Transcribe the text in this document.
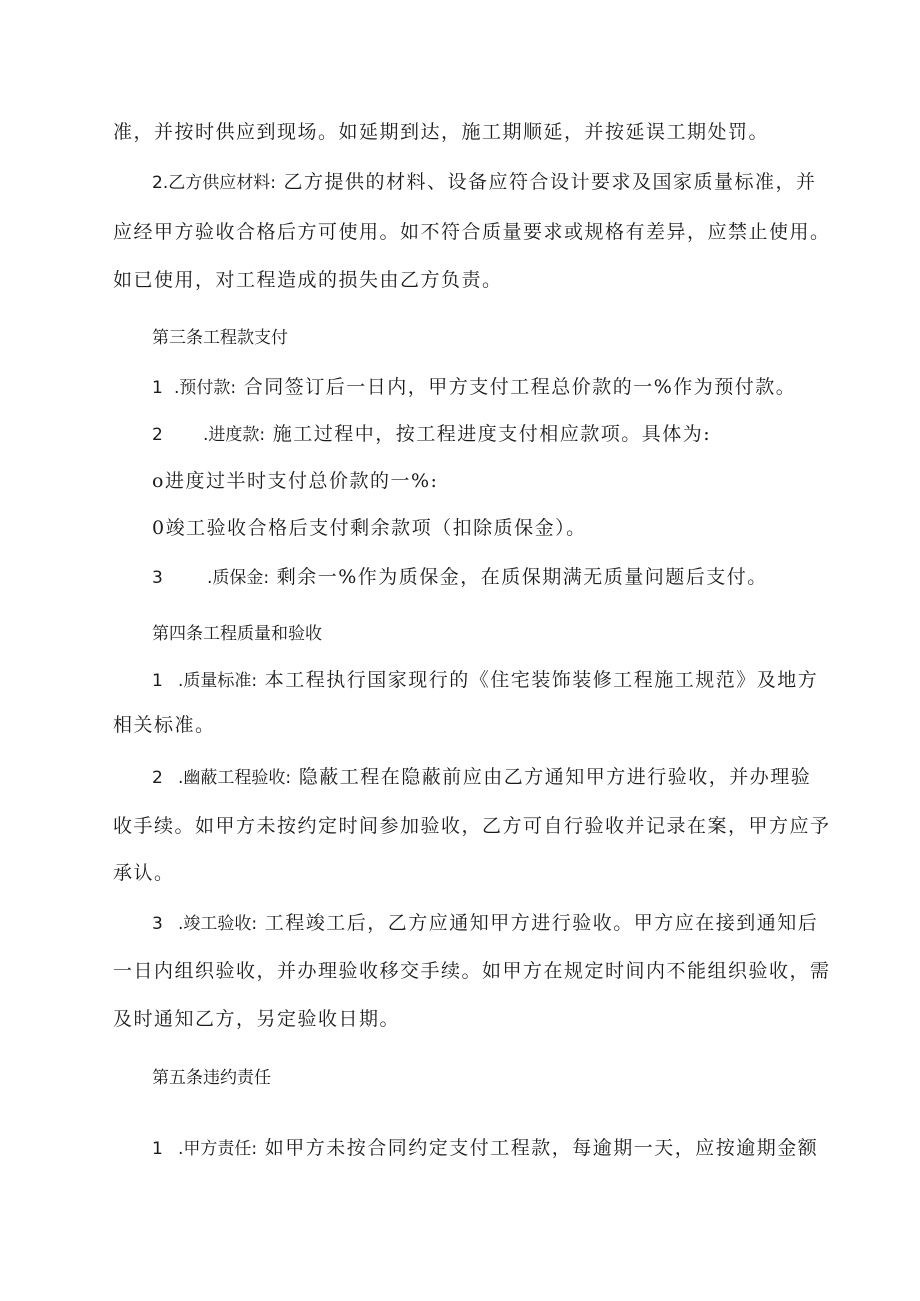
准，并按时供应到现场。如延期到达，施工期顺延，并按延误工期处罚。

2.乙方供应材料: 乙方提供的材料、设备应符合设计要求及国家质量标准，并

应经甲方验收合格后方可使用。如不符合质量要求或规格有差异，应禁止使用。

如已使用，对工程造成的损失由乙方负责。

第三条工程款支付

1 .预付款: 合同签订后一日内，甲方支付工程总价款的一%作为预付款。

2 .进度款: 施工过程中，按工程进度支付相应款项。具体为:

o进度过半时支付总价款的一%:

0竣工验收合格后支付剩余款项（扣除质保金）。

3	.质保金: 剩余一%作为质保金，在质保期满无质量问题后支付。

第四条工程质量和验收

1 .质量标准: 本工程执行国家现行的《住宅装饰装修工程施工规范》及地方

相关标准。

2 .幽蔽工程验收: 隐蔽工程在隐蔽前应由乙方通知甲方进行验收，并办理验

收手续。如甲方未按约定时间参加验收，乙方可自行验收并记录在案，甲方应予

承认。

3 .竣工验收: 工程竣工后，乙方应通知甲方进行验收。甲方应在接到通知后

一日内组织验收，并办理验收移交手续。如甲方在规定时间内不能组织验收，需

及时通知乙方，另定验收日期。

第五条违约责任

1 .甲方责任: 如甲方未按合同约定支付工程款，每逾期一天，应按逾期金额
